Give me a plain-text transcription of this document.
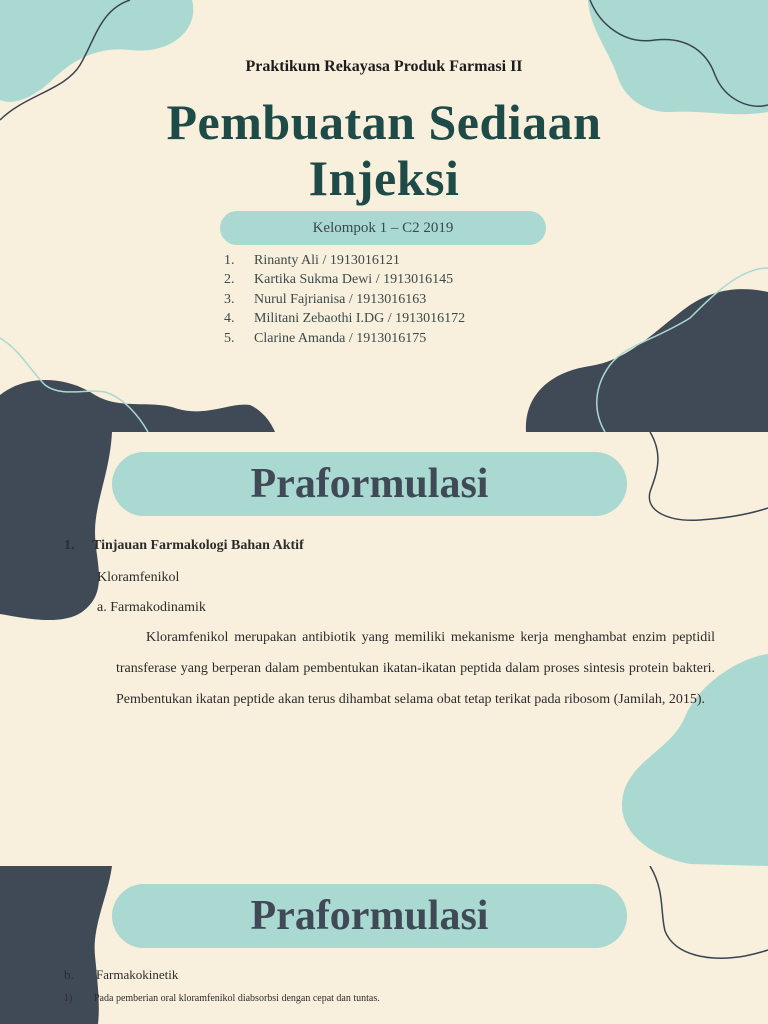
Praktikum Rekayasa Produk Farmasi II
Pembuatan Sediaan
Injeksi
Kelompok 1 – C2 2019
1. Rinanty Ali / 1913016121
2. Kartika Sukma Dewi / 1913016145
3. Nurul Fajrianisa / 1913016163
4. Militani Zebaothi I.DG / 1913016172
5. Clarine Amanda / 1913016175
Praformulasi
1. Tinjauan Farmakologi Bahan Aktif
Kloramfenikol
a. Farmakodinamik

Kloramfenikol merupakan antibiotik yang memiliki mekanisme kerja menghambat enzim peptidil transferase yang berperan dalam pembentukan ikatan-ikatan peptida dalam proses sintesis protein bakteri. Pembentukan ikatan peptide akan terus dihambat selama obat tetap terikat pada ribosom (Jamilah, 2015).

Praformulasi
b. Farmakokinetik
1) Pada pemberian oral kloramfenikol diabsorbsi dengan cepat dan tuntas.
